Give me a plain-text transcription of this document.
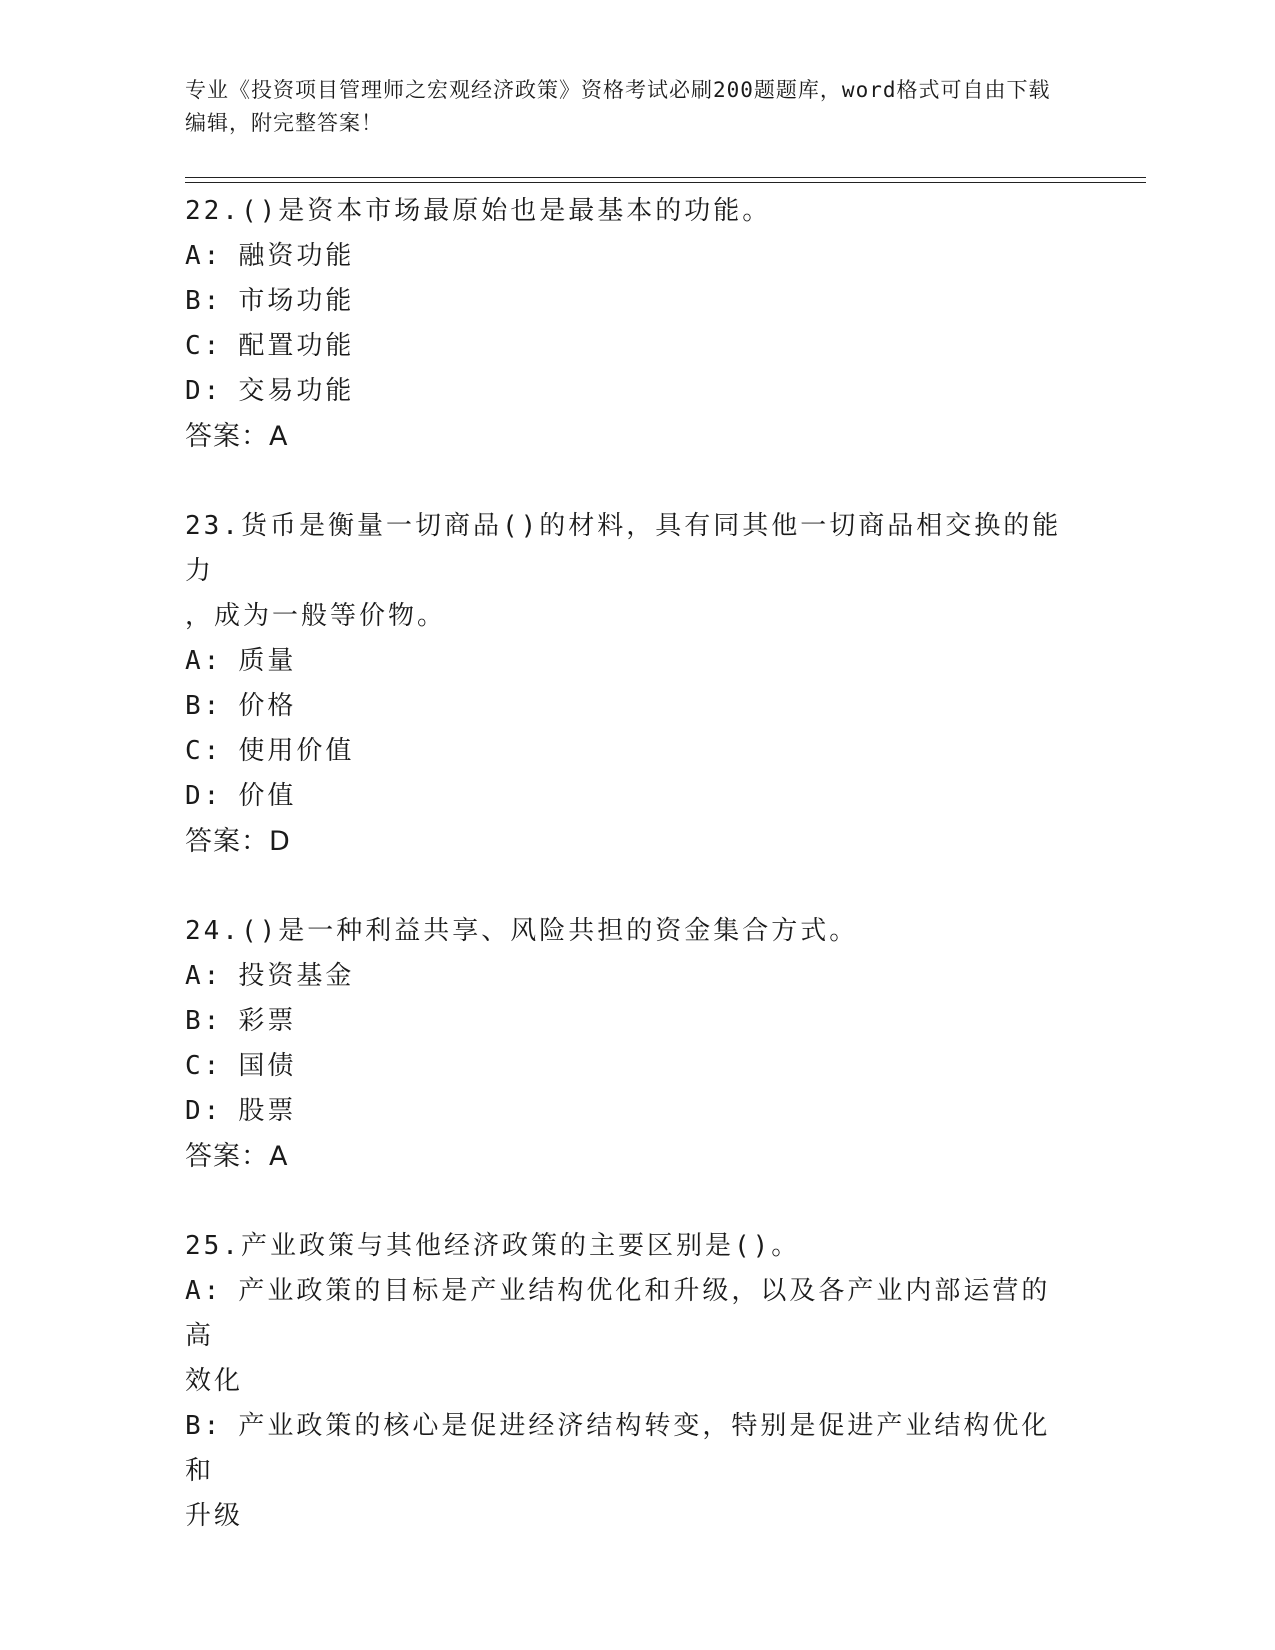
专业《投资项目管理师之宏观经济政策》资格考试必刷200题题库，word格式可自由下载编辑，附完整答案！
22.()是资本市场最原始也是最基本的功能。
A: 融资功能
B: 市场功能
C: 配置功能
D: 交易功能
答案：A
23.货币是衡量一切商品()的材料，具有同其他一切商品相交换的能力
，成为一般等价物。
A: 质量
B: 价格
C: 使用价值
D: 价值
答案：D
24.()是一种利益共享、风险共担的资金集合方式。
A: 投资基金
B: 彩票
C: 国债
D: 股票
答案：A
25.产业政策与其他经济政策的主要区别是()。
A: 产业政策的目标是产业结构优化和升级，以及各产业内部运营的高
效化
B: 产业政策的核心是促进经济结构转变，特别是促进产业结构优化和
升级
